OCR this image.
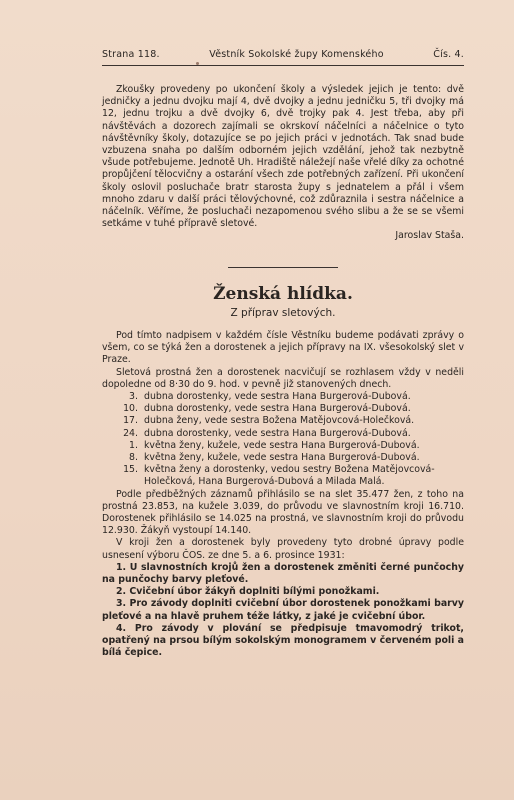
Strana 118.	Věstník Sokolské župy Komenského	Čís. 4.

Zkoušky provedeny po ukončení školy a výsledek jejich je tento: dvě jedničky a jednu dvojku mají 4, dvě dvojky a jednu jedničku 5, tři dvojky má 12, jednu trojku a dvě dvojky 6, dvě trojky pak 4. Jest třeba, aby při návštěvách a dozorech zajímali se okrskoví náčelníci a náčelnice o tyto návštěvníky školy, dotazujíce se po jejich práci v jednotách. Tak snad bude vzbuzena snaha po dalším odborném jejich vzdělání, jehož tak nezbytně všude potřebujeme. Jednotě Uh. Hradiště náležejí naše vřelé díky za ochotné propůjčení tělocvičny a ostarání všech zde potřebných zařízení. Při ukončení školy oslovil posluchače bratr starosta župy s jednatelem a přál i všem mnoho zdaru v další práci tělovýchovné, což zdůraznila i sestra náčelnice a náčelník. Věříme, že posluchači nezapomenou svého slibu a že se se všemi setkáme v tuhé přípravě sletové.

Jaroslav Staša.

Ženská hlídka.
Z příprav sletových.

Pod tímto nadpisem v každém čísle Věstníku budeme podávati zprávy o všem, co se týká žen a dorostenek a jejich přípravy na IX. všesokolský slet v Praze.

Sletová prostná žen a dorostenek nacvičují se rozhlasem vždy v neděli dopoledne od 8·30 do 9. hod. v pevně již stanovených dnech.

3. dubna dorostenky, vede sestra Hana Burgerová-Dubová.
10. dubna dorostenky, vede sestra Hana Burgerová-Dubová.
17. dubna ženy, vede sestra Božena Matějovcová-Holečková.
24. dubna dorostenky, vede sestra Hana Burgerová-Dubová.
1. května ženy, kužele, vede sestra Hana Burgerová-Dubová.
8. května ženy, kužele, vede sestra Hana Burgerová-Dubová.
15. května ženy a dorostenky, vedou sestry Božena Matějovcová-Holečková, Hana Burgerová-Dubová a Milada Malá.

Podle předběžných záznamů přihlásilo se na slet 35.477 žen, z toho na prostná 23.853, na kužele 3.039, do průvodu ve slavnostním kroji 16.710. Dorostenek přihlásilo se 14.025 na prostná, ve slavnostním kroji do průvodu 12.930. Žákyň vystoupí 14.140.

V kroji žen a dorostenek byly provedeny tyto drobné úpravy podle usnesení výboru ČOS. ze dne 5. a 6. prosince 1931:

1. U slavnostních krojů žen a dorostenek změniti černé punčochy na punčochy barvy pleťové.

2. Cvičební úbor žákyň doplniti bílými ponožkami.

3. Pro závody doplniti cvičební úbor dorostenek ponožkami barvy pleťové a na hlavě pruhem téže látky, z jaké je cvičební úbor.

4. Pro závody v plování se předpisuje tmavomodrý trikot, opatřený na prsou bílým sokolským monogramem v červeném poli a bílá čepice.
